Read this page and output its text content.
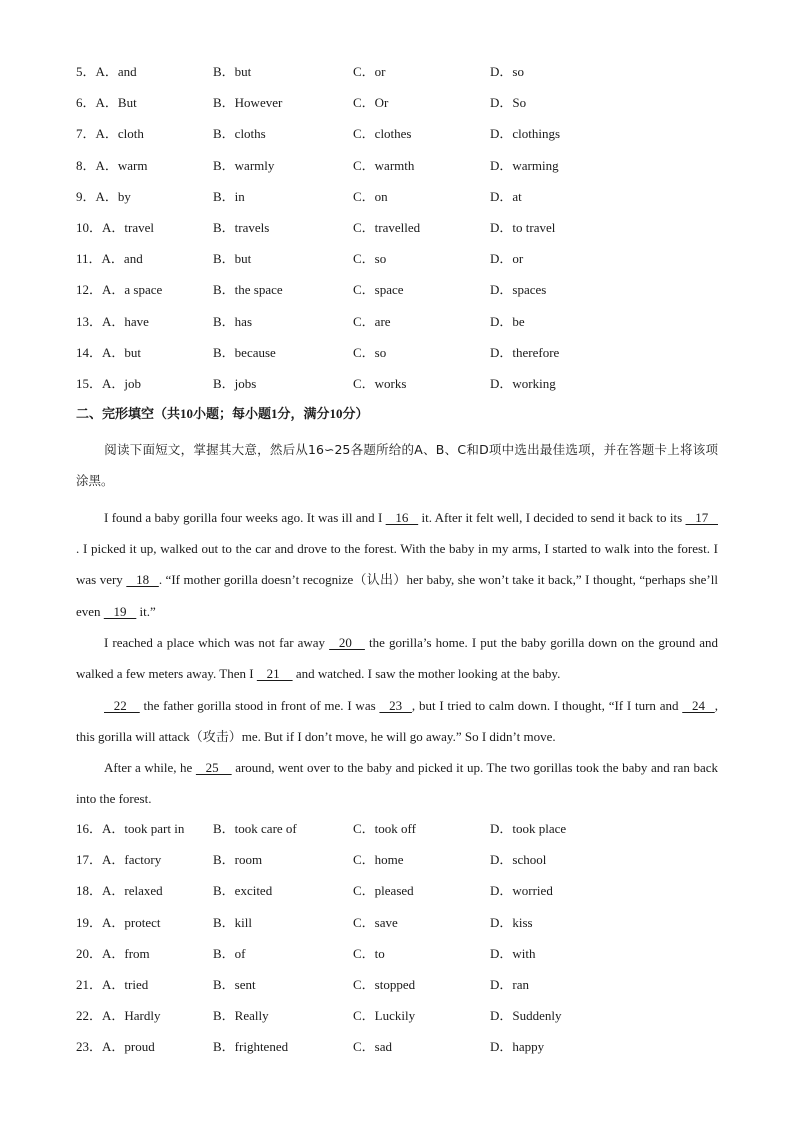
5．A．and	B．but	C．or	D．so
6．A．But	B．However	C．Or	D．So
7．A．cloth	B．cloths	C．clothes	D．clothings
8．A．warm	B．warmly	C．warmth	D．warming
9．A．by	B．in	C．on	D．at
10．A．travel	B．travels	C．travelled	D．to travel
11．A．and	B．but	C．so	D．or
12．A．a space	B．the space	C．space	D．spaces
13．A．have	B．has	C．are	D．be
14．A．but	B．because	C．so	D．therefore
15．A．job	B．jobs	C．works	D．working
二、完形填空（共10小题；每小题1分，满分10分）
阅读下面短文，掌握其大意，然后从16∽25各题所给的A、B、C和D项中选出最佳选项，并在答题卡上将该项涂黑。
I found a baby gorilla four weeks ago. It was ill and I    16    it. After it felt well, I decided to send it back to its    17   . I picked it up, walked out to the car and drove to the forest. With the baby in my arms, I started to walk into the forest. I was very    18   . “If mother gorilla doesn’t recognize（认出）her baby, she won’t take it back,” I thought, “perhaps she’ll even    19    it.”
I reached a place which was not far away    20     the gorilla’s home. I put the baby gorilla down on the ground and walked a few meters away. Then I    21     and watched. I saw the mother looking at the baby.
22     the father gorilla stood in front of me. I was    23   , but I tried to calm down. I thought, “If I turn and    24   , this gorilla will attack（攻击）me. But if I don’t move, he will go away.” So I didn’t move.
After a while, he    25     around, went over to the baby and picked it up. The two gorillas took the baby and ran back into the forest.
16．A．took part in B．took care of	C．took off	D．took place
17．A．factory	B．room	C．home	D．school
18．A．relaxed	B．excited	C．pleased	D．worried
19．A．protect	B．kill	C．save	D．kiss
20．A．from	B．of	C．to	D．with
21．A．tried	B．sent	C．stopped	D．ran
22．A．Hardly	B．Really	C．Luckily	D．Suddenly
23．A．proud	B．frightened	C．sad	D．happy
